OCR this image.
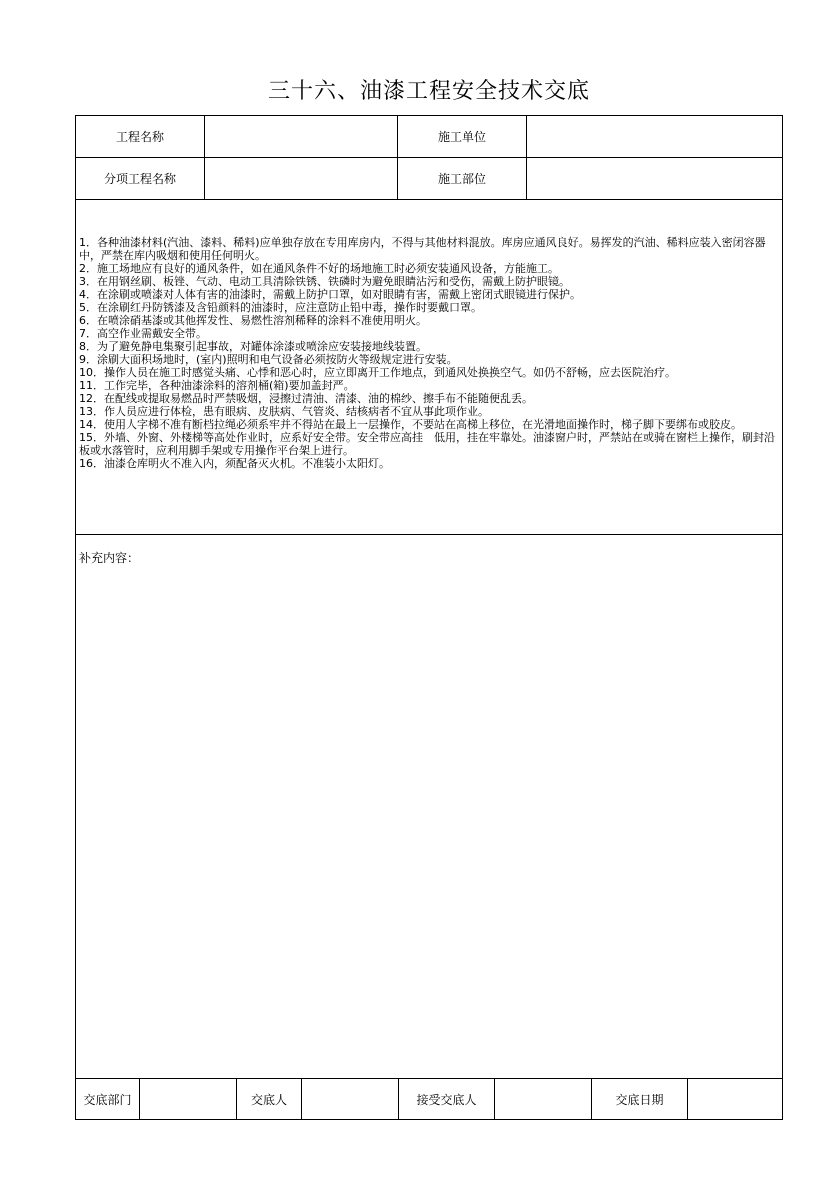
三十六、油漆工程安全技术交底
工程名称	施工单位
分项工程名称	施工部位

1．各种油漆材料(汽油、漆料、稀料)应单独存放在专用库房内，不得与其他材料混放。库房应通风良好。易挥发的汽油、稀料应装入密闭容器中，严禁在库内吸烟和使用任何明火。

2．施工场地应有良好的通风条件，如在通风条件不好的场地施工时必须安装通风设备，方能施工。

3．在用钢丝刷、板锉、气动、电动工具清除铁锈、铁磷时为避免眼睛沾污和受伤，需戴上防护眼镜。

4．在涂刷或喷漆对人体有害的油漆时，需戴上防护口罩，如对眼睛有害，需戴上密闭式眼镜进行保护。

5．在涂刷红丹防锈漆及含铅颜料的油漆时，应注意防止铅中毒，操作时要戴口罩。

6．在喷涂硝基漆或其他挥发性、易燃性溶剂稀释的涂料不准使用明火。

7．高空作业需戴安全带。

8．为了避免静电集聚引起事故，对罐体涂漆或喷涂应安装接地线装置。

9．涂刷大面积场地时，(室内)照明和电气设备必须按防火等级规定进行安装。

10．操作人员在施工时感觉头痛、心悸和恶心时，应立即离开工作地点，到通风处换换空气。如仍不舒畅，应去医院治疗。

11．工作完毕，各种油漆涂料的溶剂桶(箱)要加盖封严。

12．在配线或提取易燃品时严禁吸烟，浸擦过清油、清漆、油的棉纱、擦手布不能随便乱丢。

13．作人员应进行体检，患有眼病、皮肤病、气管炎、结核病者不宜从事此项作业。

14．使用人字梯不准有断档拉绳必须系牢并不得站在最上一层操作，不要站在高梯上移位，在光滑地面操作时，梯子脚下要绑布或胶皮。

15．外墙、外窗、外楼梯等高处作业时，应系好安全带。安全带应高挂　低用，挂在牢靠处。油漆窗户时，严禁站在或骑在窗栏上操作，刷封沿板或水落管时，应利用脚手架或专用操作平台架上进行。

16．油漆仓库明火不准入内，须配备灭火机。不准装小太阳灯。

补充内容：
交底部门	交底人	接受交底人	交底日期
